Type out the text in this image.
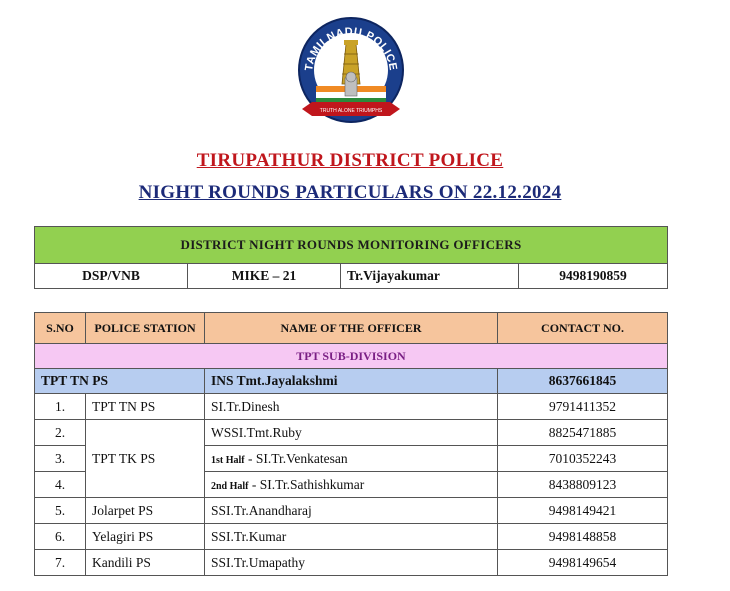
TAMILNADU POLICE
TRUTH ALONE TRIUMPHS
TIRUPATHUR DISTRICT POLICE
NIGHT ROUNDS PARTICULARS ON 22.12.2024
DISTRICT NIGHT ROUNDS MONITORING OFFICERS
DSP/VNB	MIKE – 21	Tr.Vijayakumar	9498190859
S.NO	POLICE STATION	NAME OF THE OFFICER	CONTACT NO.
TPT SUB-DIVISION			
TPT TN PS		INS Tmt.Jayalakshmi	8637661845
1.	TPT TN PS	SI.Tr.Dinesh	9791411352
2.	TPT TK PS	WSSI.Tmt.Ruby	8825471885
3.		1st Half - SI.Tr.Venkatesan	7010352243
4.		2nd Half - SI.Tr.Sathishkumar	8438809123
5.	Jolarpet PS	SSI.Tr.Anandharaj	9498149421
6.	Yelagiri PS	SSI.Tr.Kumar	9498148858
7.	Kandili PS	SSI.Tr.Umapathy	9498149654
